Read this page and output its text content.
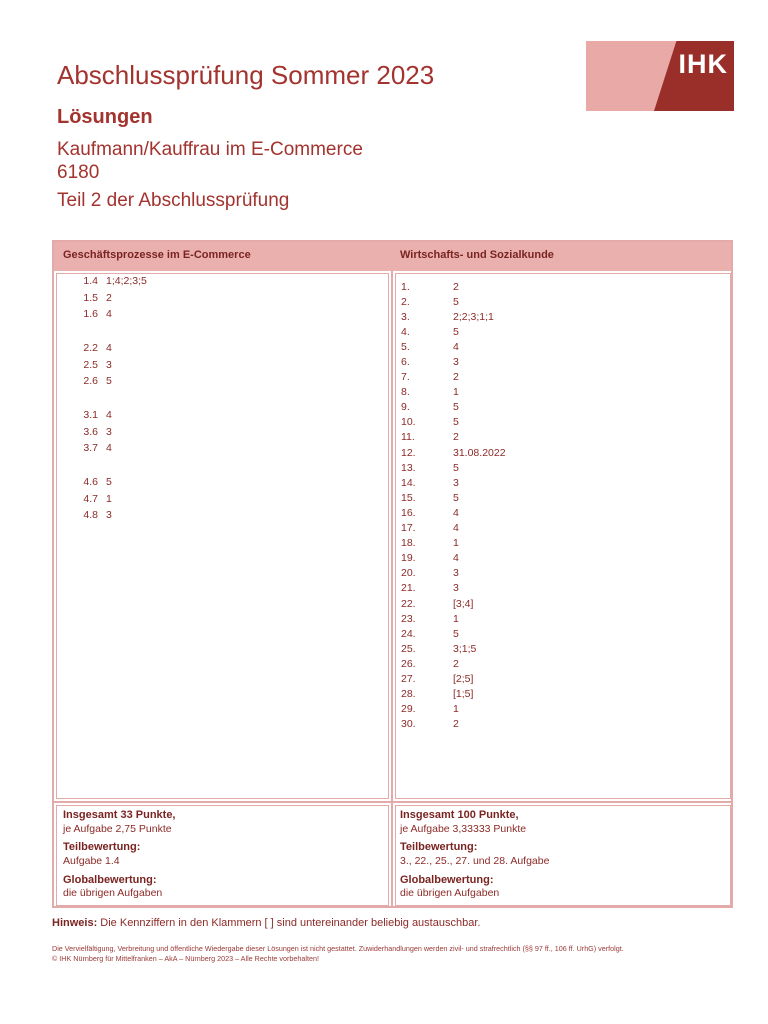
IHK
Abschlussprüfung Sommer 2023
Lösungen
Kaufmann/Kauffrau im E-Commerce
6180
Teil 2 der Abschlussprüfung
Geschäftsprozesse im E-Commerce	Wirtschafts- und Sozialkunde
1.4 1;4;2;3;5
1.5 2
1.6 4
2.2 4
2.5 3
2.6 5
3.1 4
3.6 3
3.7 4
4.6 5
4.7 1
4.8 3
1.	2
2.	5
3.	2;2;3;1;1
4.	5
5.	4
6.	3
7.	2
8.	1
9.	5
10.	5
11.	2
12.	31.08.2022
13.	5
14.	3
15.	5
16.	4
17.	4
18.	1
19.	4
20.	3
21.	3
22.	[3;4]
23.	1
24.	5
25.	3;1;5
26.	2
27.	[2;5]
28.	[1;5]
29.	1
30.	2
Insgesamt 33 Punkte,
je Aufgabe 2,75 Punkte
Teilbewertung:
Aufgabe 1.4
Globalbewertung:
die übrigen Aufgaben
Insgesamt 100 Punkte,
je Aufgabe 3,33333 Punkte
Teilbewertung:
3., 22., 25., 27. und 28. Aufgabe
Globalbewertung:
die übrigen Aufgaben
Hinweis: Die Kennziffern in den Klammern [ ] sind untereinander beliebig austauschbar.
Die Vervielfältigung, Verbreitung und öffentliche Wiedergabe dieser Lösungen ist nicht gestattet. Zuwiderhandlungen werden zivil- und strafrechtlich (§§ 97 ff., 106 ff. UrhG) verfolgt.
© IHK Nürnberg für Mittelfranken – AkA – Nürnberg 2023 – Alle Rechte vorbehalten!
